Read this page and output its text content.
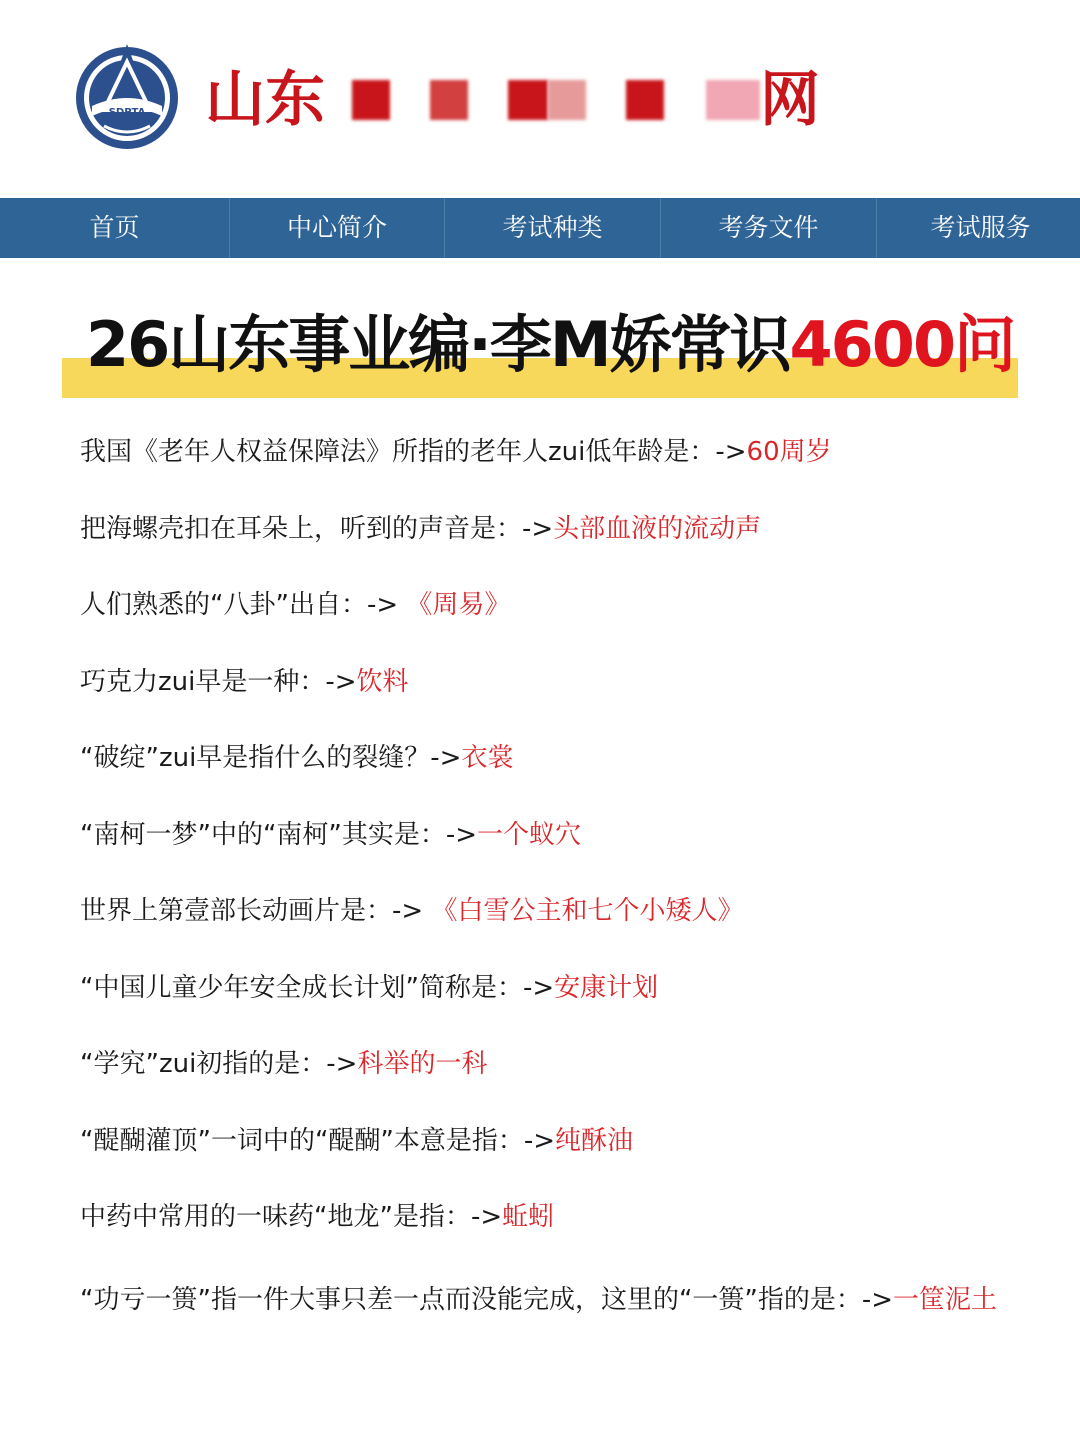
SDPTA 山东	网
首页	中心简介	考试种类	考务文件	考试服务
26山东事业编·李M娇常识4600问
我国《老年人权益保障法》所指的老年人zui低年龄是：->60周岁
把海螺壳扣在耳朵上，听到的声音是：->头部血液的流动声
人们熟悉的“八卦”出自：-> 《周易》
巧克力zui早是一种：->饮料
“破绽”zui早是指什么的裂缝？->衣裳
“南柯一梦”中的“南柯”其实是：->一个蚁穴
世界上第壹部长动画片是：-> 《白雪公主和七个小矮人》
“中国儿童少年安全成长计划”简称是：->安康计划
“学究”zui初指的是：->科举的一科
“醍醐灌顶”一词中的“醍醐”本意是指：->纯酥油
中药中常用的一味药“地龙”是指：->蚯蚓
“功亏一篑”指一件大事只差一点而没能完成，这里的“一篑”指的是：->一筐泥土
